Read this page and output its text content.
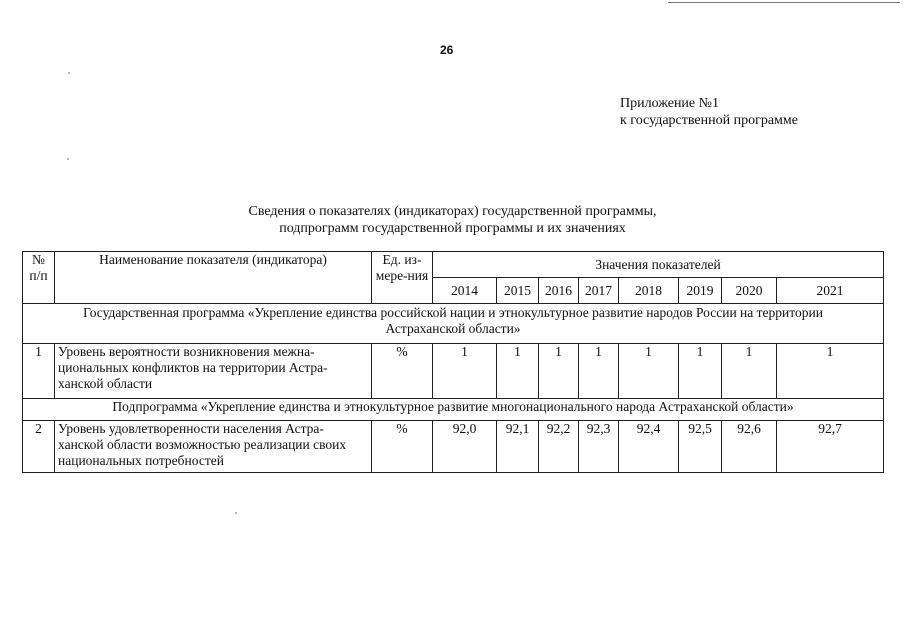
26
Приложение №1
к государственной программе
Сведения о показателях (индикаторах) государственной программы,
подпрограмм государственной программы и их значениях
№ п/п	Наименование показателя (индикатора)	Ед. из-мере-ния	Значения показателей							
			2014	2015	2016	2017	2018	2019	2020	2021
Государственная программа «Укрепление единства российской нации и этнокультурное развитие народов России на территории Астраханской области»										
1	Уровень вероятности возникновения межна-циональных конфликтов на территории Астра-ханской области	%	1	1	1	1	1	1	1	1
Подпрограмма «Укрепление единства и этнокультурное развитие многонационального народа Астраханской области»										
2	Уровень удовлетворенности населения Астра-ханской области возможностью реализации своих национальных потребностей	%	92,0	92,1	92,2	92,3	92,4	92,5	92,6	92,7
